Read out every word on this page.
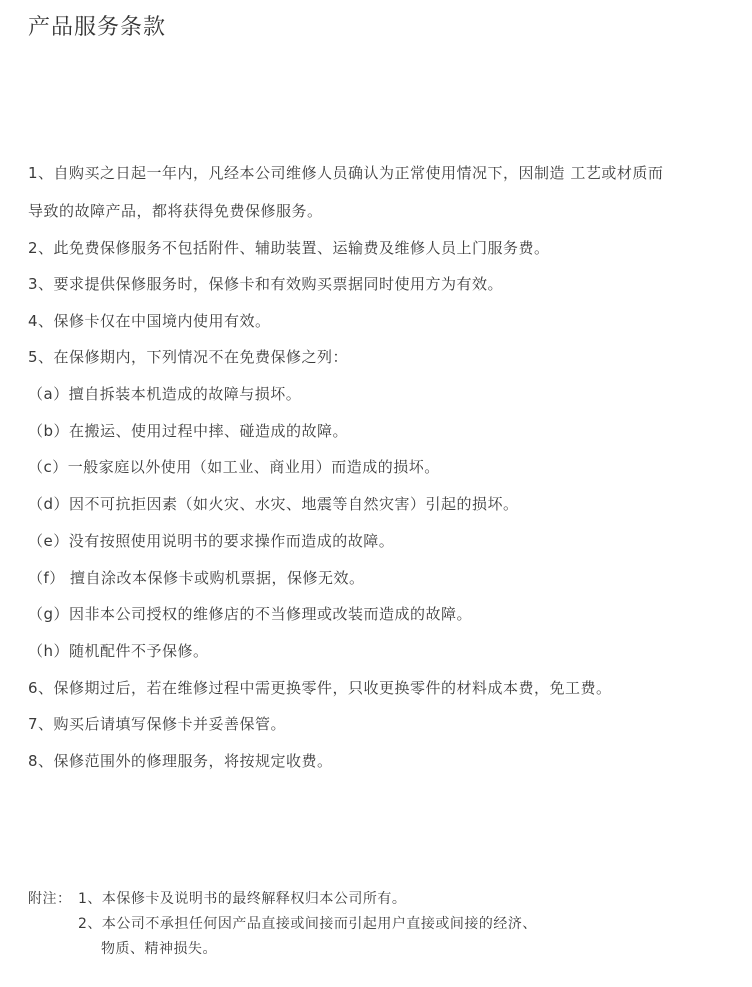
产品服务条款
1、自购买之日起一年内，凡经本公司维修人员确认为正常使用情况下，因制造 工艺或材质而
导致的故障产品，都将获得免费保修服务。
2、此免费保修服务不包括附件、辅助装置、运输费及维修人员上门服务费。
3、要求提供保修服务时，保修卡和有效购买票据同时使用方为有效。
4、保修卡仅在中国境内使用有效。
5、在保修期内，下列情况不在免费保修之列：
（a）擅自拆装本机造成的故障与损坏。
（b）在搬运、使用过程中摔、碰造成的故障。
（c）一般家庭以外使用（如工业、商业用）而造成的损坏。
（d）因不可抗拒因素（如火灾、水灾、地震等自然灾害）引起的损坏。
（e）没有按照使用说明书的要求操作而造成的故障。
（f） 擅自涂改本保修卡或购机票据，保修无效。
（g）因非本公司授权的维修店的不当修理或改装而造成的故障。
（h）随机配件不予保修。
6、保修期过后，若在维修过程中需更换零件，只收更换零件的材料成本费，免工费。
7、购买后请填写保修卡并妥善保管。
8、保修范围外的修理服务，将按规定收费。
附注： 1、本保修卡及说明书的最终解释权归本公司所有。
2、本公司不承担任何因产品直接或间接而引起用户直接或间接的经济、
物质、精神损失。
